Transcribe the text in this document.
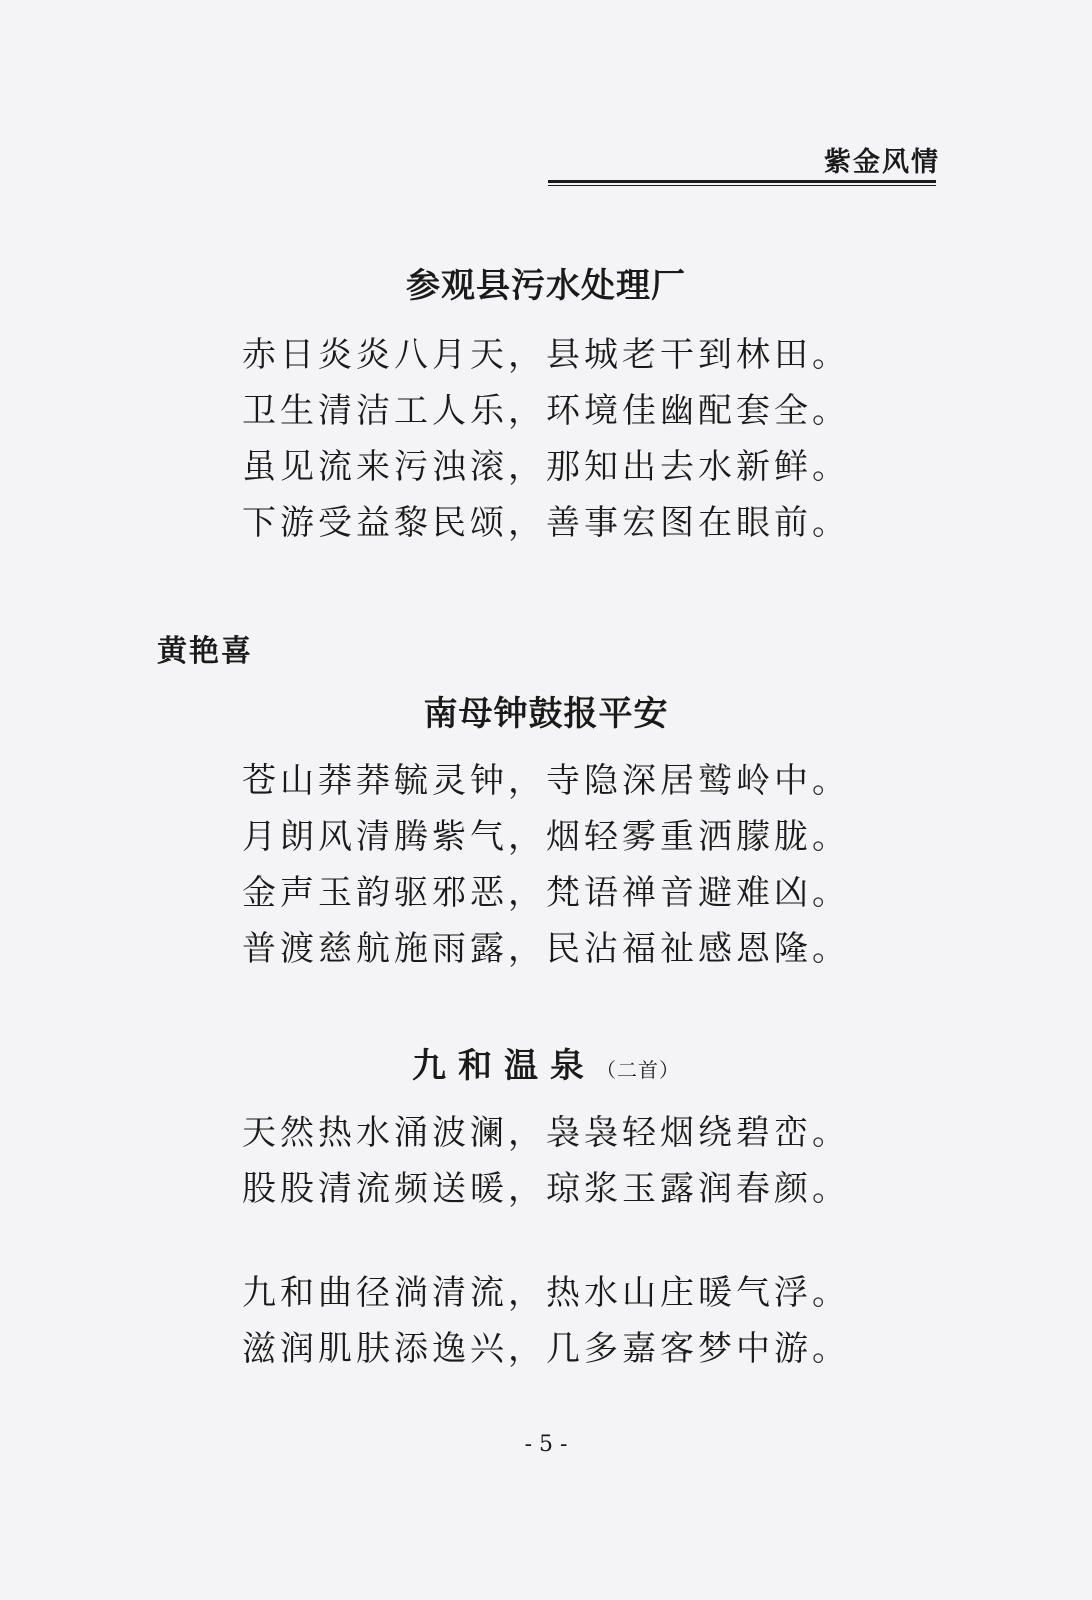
紫金风情
参观县污水处理厂
赤日炎炎八月天，县城老干到林田。
卫生清洁工人乐，环境佳幽配套全。
虽见流来污浊滚，那知出去水新鲜。
下游受益黎民颂，善事宏图在眼前。
黄艳喜
南母钟鼓报平安
苍山莽莽毓灵钟，寺隐深居鹫岭中。
月朗风清腾紫气，烟轻雾重洒朦胧。
金声玉韵驱邪恶，梵语禅音避难凶。
普渡慈航施雨露，民沾福祉感恩隆。
九和温泉（二首）
天然热水涌波澜，袅袅轻烟绕碧峦。
股股清流频送暖，琼浆玉露润春颜。
九和曲径淌清流，热水山庄暖气浮。
滋润肌肤添逸兴，几多嘉客梦中游。
- 5 -
